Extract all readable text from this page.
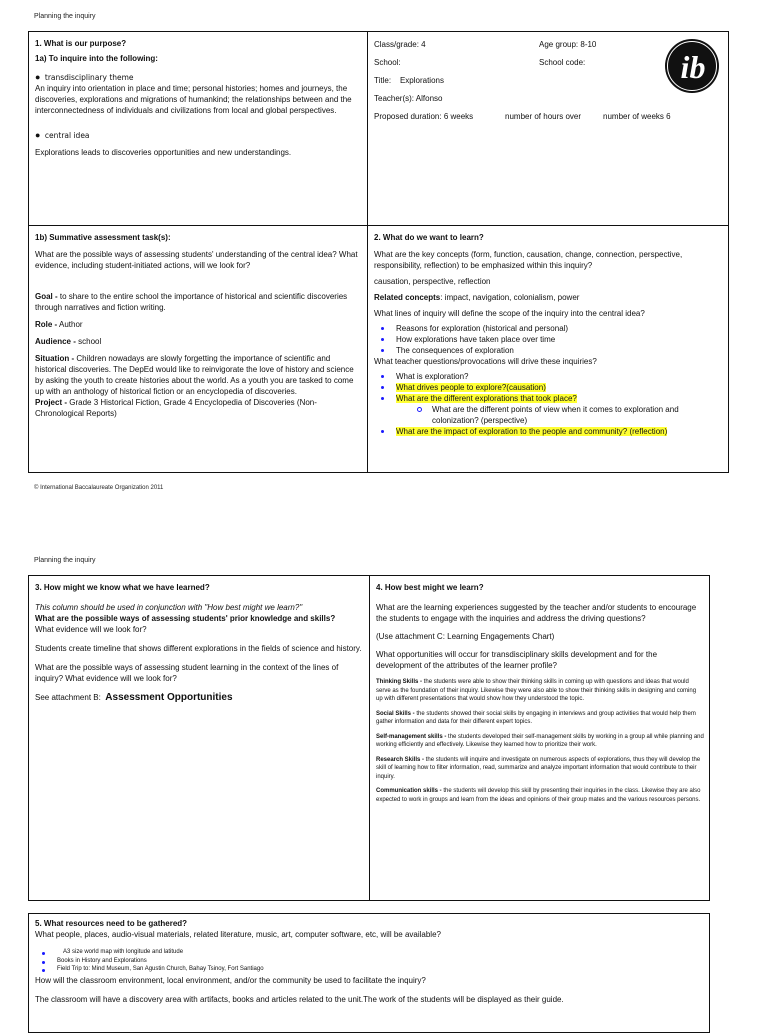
Planning the inquiry

1. What is our purpose?

1a) To inquire into the following:

● transdisciplinary theme

An inquiry into orientation in place and time; personal histories; homes and journeys, the discoveries, explorations and migrations of humankind; the relationships between and the interconnectedness of individuals and civilizations from local and global perspectives.

● central idea

Explorations leads to discoveries opportunities and new understandings.

Class/grade: 4	Age group: 8-10
School:	School code:
Title: Explorations
Teacher(s): Alfonso
Proposed duration: 6 weeks	number of hours over	number of weeks 6
ib

1b) Summative assessment task(s):

What are the possible ways of assessing students' understanding of the central idea? What evidence, including student-initiated actions, will we look for?

Goal - to share to the entire school the importance of historical and scientific discoveries through narratives and fiction writing.

Role - Author

Audience - school

Situation - Children nowadays are slowly forgetting the importance of scientific and historical discoveries. The DepEd would like to reinvigorate the love of history and science by asking the youth to create histories about the world. As a youth you are tasked to come up with an anthology of historical fiction or an encyclopedia of discoveries.

Project - Grade 3 Historical Fiction, Grade 4 Encyclopedia of Discoveries (Non-Chronological Reports)

2. What do we want to learn?

What are the key concepts (form, function, causation, change, connection, perspective, responsibility, reflection) to be emphasized within this inquiry?

causation, perspective, reflection

Related concepts: impact, navigation, colonialism, power

What lines of inquiry will define the scope of the inquiry into the central idea?

Reasons for exploration (historical and personal)
How explorations have taken place over time
The consequences of exploration

What teacher questions/provocations will drive these inquiries?

What is exploration?
What drives people to explore?(causation)
What are the different explorations that took place?
What are the different points of view when it comes to exploration and colonization? (perspective)
What are the impact of exploration to the people and community? (reflection)
© International Baccalaureate Organization 2011
Planning the inquiry

3. How might we know what we have learned?

This column should be used in conjunction with "How best might we learn?"

What are the possible ways of assessing students' prior knowledge and skills?

What evidence will we look for?

Students create timeline that shows different explorations in the fields of science and history.

What are the possible ways of assessing student learning in the context of the lines of inquiry? What evidence will we look for?

See attachment B: Assessment Opportunities

4. How best might we learn?

What are the learning experiences suggested by the teacher and/or students to encourage the students to engage with the inquiries and address the driving questions?

(Use attachment C: Learning Engagements Chart)

What opportunities will occur for transdisciplinary skills development and for the development of the attributes of the learner profile?

Thinking Skills - the students were able to show their thinking skills in coming up with questions and ideas that would serve as the foundation of their inquiry. Likewise they were also able to show their thinking skills in designing and coming up with different presentations that would show how they understood the topic.

Social Skills - the students showed their social skills by engaging in interviews and group activities that would help them gather information and data for their different expert topics.

Self-management skills - the students developed their self-management skills by working in a group all while planning and working efficiently and effectively. Likewise they learned how to prioritize their work.

Research Skills - the students will inquire and investigate on numerous aspects of explorations, thus they will develop the skill of learning how to filter information, read, summarize and analyze important information that would contribute to their inquiry.

Communication skills - the students will develop this skill by presenting their inquiries in the class. Likewise they are also expected to work in groups and learn from the ideas and opinions of their group mates and the various resources persons.

5. What resources need to be gathered?

What people, places, audio-visual materials, related literature, music, art, computer software, etc, will be available?

A3 size world map with longitude and latitude
Books in History and Explorations
Field Trip to: Mind Museum, San Agustin Church, Bahay Tsinoy, Fort Santiago

How will the classroom environment, local environment, and/or the community be used to facilitate the inquiry?

The classroom will have a discovery area with artifacts, books and articles related to the unit.The work of the students will be displayed as their guide.
